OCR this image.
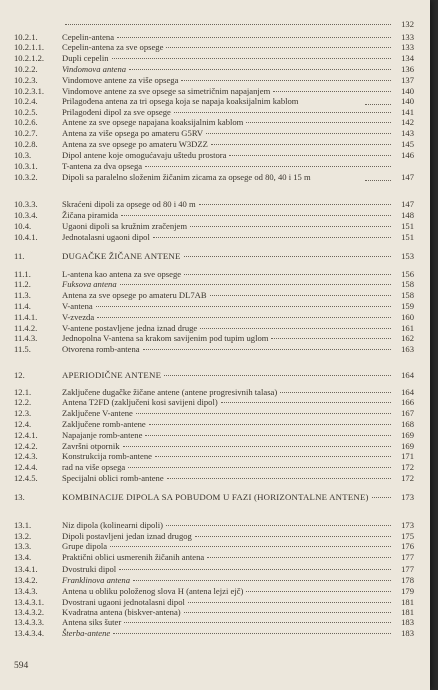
132
10.2.1.	Cepelin-antena	133
10.2.1.1.	Cepelin-antena za sve opsege	133
10.2.1.2.	Dupli cepelin	134
10.2.2.	Vindomova antena	136
10.2.3.	Vindomove antene za više opsega	137
10.2.3.1.	Vindomove antene za sve opsege sa simetričnim napajanjem	140
10.2.4.	Prilagođena antena za tri opsega koja se napaja koaksijalnim kablom	140
10.2.5.	Prilagođeni dipol za sve opsege	141
10.2.6.	Antene za sve opsege napajana koaksijalnim kablom	142
10.2.7.	Antena za više opsega po amateru G5RV	143
10.2.8.	Antena za sve opsege po amateru W3DZZ	145
10.3.	Dipol antene koje omogućavaju uštedu prostora	146
10.3.1.	T-antena za dva opsega
10.3.2.	Dipoli sa paralelno složenim žičanim zicama za opsege od 80, 40 i 15 m	147
10.3.3.	Skraćeni dipoli za opsege od 80 i 40 m	147
10.3.4.	Žičana piramida	148
10.4.	Ugaoni dipoli sa kružnim zračenjem	151
10.4.1.	Jednotalasni ugaoni dipol	151
11.	DUGAČKE ŽIČANE ANTENE	153
11.1.	L-antena kao antena za sve opsege	156
11.2.	Fuksova antena	158
11.3.	Antena za sve opsege po amateru DL7AB	158
11.4.	V-antena	159
11.4.1.	V-zvezda	160
11.4.2.	V-antene postavljene jedna iznad druge	161
11.4.3.	Jednopolna V-antena sa krakom savijenim pod tupim uglom	162
11.5.	Otvorena romb-antena	163
12.	APERIODIČNE ANTENE	164
12.1.	Zaključene dugačke žičane antene (antene progresivnih talasa)	164
12.2.	Antena T2FD (zaključeni kosi savijeni dipol)	166
12.3.	Zaključene V-antene	167
12.4.	Zaključene romb-antene	168
12.4.1.	Napajanje romb-antene	169
12.4.2.	Završni otpornik	169
12.4.3.	Konstrukcija romb-antene	171
12.4.4.	rad na više opsega	172
12.4.5.	Specijalni oblici romb-antene	172
13.	KOMBINACIJE DIPOLA SA POBUDOM U FAZI (HORIZONTALNE ANTENE)	173
13.1.	Niz dipola (kolinearni dipoli)	173
13.2.	Dipoli postavljeni jedan iznad drugog	175
13.3.	Grupe dipola	176
13.4.	Praktični oblici usmerenih žičanih antena	177
13.4.1.	Dvostruki dipol	177
13.4.2.	Franklinova antena	178
13.4.3.	Antena u obliku položenog slova H (antena lejzi ejč)	179
13.4.3.1.	Dvostrani ugaoni jednotalasni dipol	181
13.4.3.2.	Kvadratna antena (biskver-antena)	181
13.4.3.3.	Antena siks šuter	183
13.4.3.4.	Šterba-antene	183
594
